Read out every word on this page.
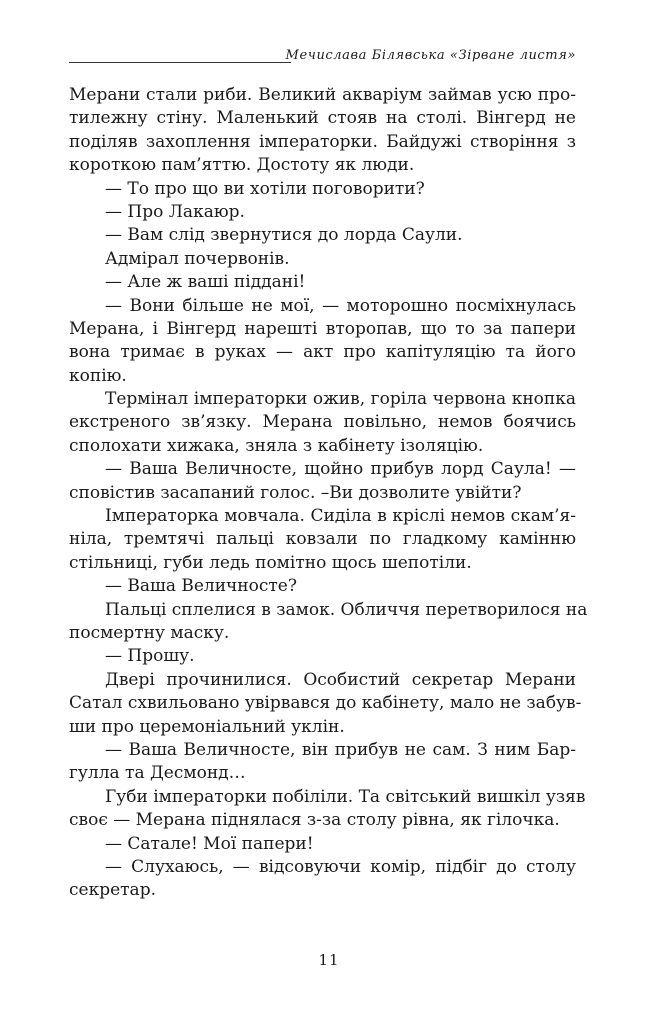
Мечислава Білявська «Зірване листя»
Мерани стали риби. Великий акваріум займав усю про-
тилежну стіну. Маленький стояв на столі. Вінгерд не
поділяв захоплення імператорки. Байдужі створіння з
короткою пам’яттю. Достоту як люди.
— То про що ви хотіли поговорити?
— Про Лакаюр.
— Вам слід звернутися до лорда Саули.
Адмірал почервонів.
— Але ж ваші піддані!
— Вони більше не мої, — моторошно посміхнулась
Мерана, і Вінгерд нарешті второпав, що то за папери
вона тримає в руках — акт про капітуляцію та його
копію.
Термінал імператорки ожив, горіла червона кнопка
екстреного зв’язку. Мерана повільно, немов боячись
сполохати хижака, зняла з кабінету ізоляцію.
— Ваша Величносте, щойно прибув лорд Саула! —
сповістив засапаний голос. –Ви дозволите увійти?
Імператорка мовчала. Сиділа в кріслі немов скам’я-
ніла, тремтячі пальці ковзали по гладкому камінню
стільниці, губи ледь помітно щось шепотіли.
— Ваша Величносте?
Пальці сплелися в замок. Обличчя перетворилося на
посмертну маску.
— Прошу.
Двері прочинилися. Особистий секретар Мерани
Сатал схвильовано увірвався до кабінету, мало не забув-
ши про церемоніальний уклін.
— Ваша Величносте, він прибув не сам. З ним Бар-
гулла та Десмонд…
Губи імператорки побіліли. Та світський вишкіл узяв
своє — Мерана піднялася з-за столу рівна, як гілочка.
— Сатале! Мої папери!
— Слухаюсь, — відсовуючи комір, підбіг до столу
секретар.
11
